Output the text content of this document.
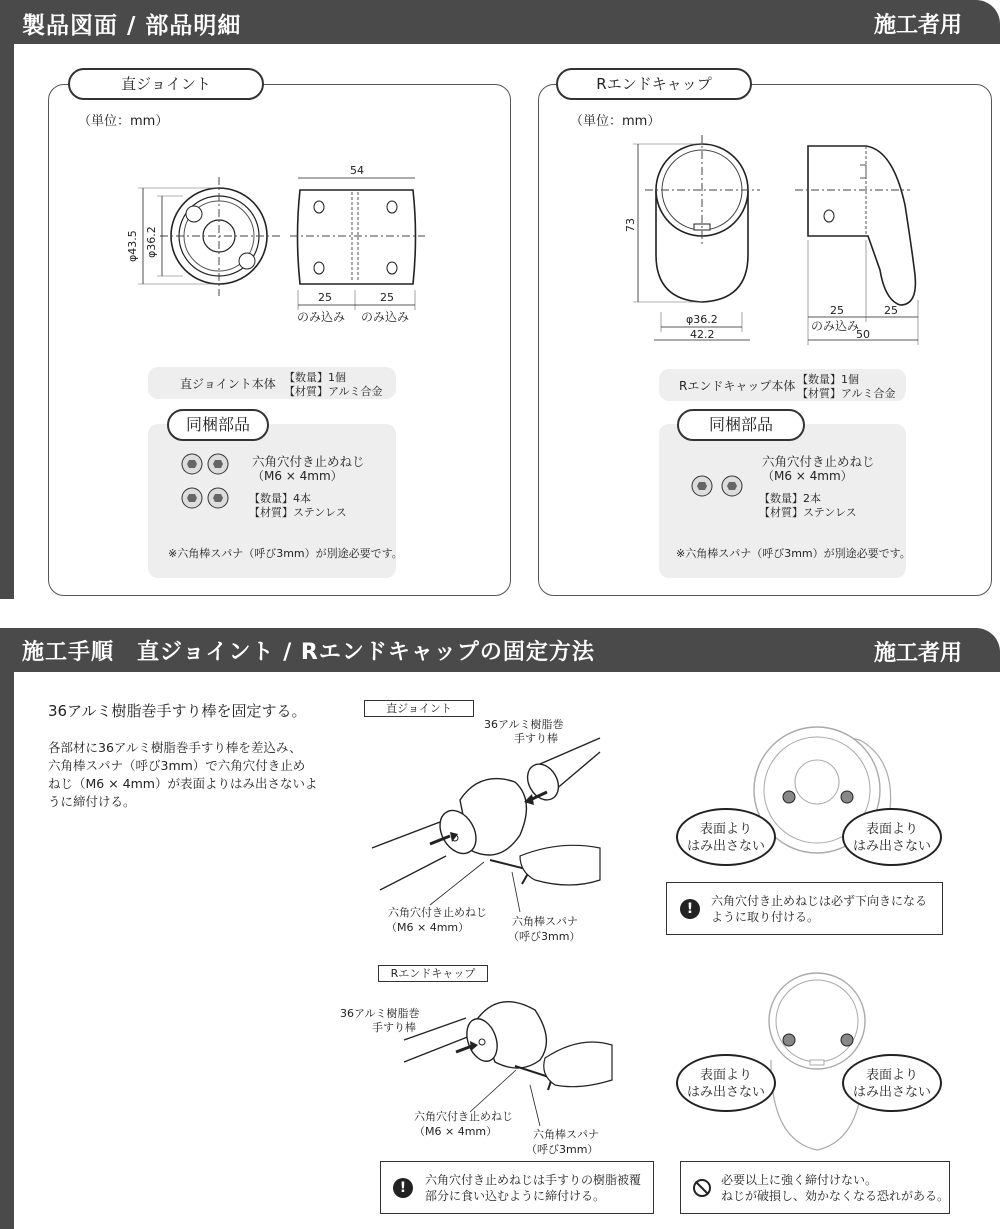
製品図面 / 部品明細	施工者用
直ジョイント
（単位：mm）
φ43.5 φ36.2
54
25	25
のみ込み のみ込み
直ジョイント本体 【数量】1個
【材質】アルミ合金
同梱部品
六角穴付き止めねじ
（M6 × 4mm）
【数量】4本
【材質】ステンレス
※六角棒スパナ（呼び3mm）が別途必要です。
Rエンドキャップ
（単位：mm）
73
φ36.2
42.2
25	25
のみ込み
50
Rエンドキャップ本体 【数量】1個
【材質】アルミ合金
同梱部品
六角穴付き止めねじ
（M6 × 4mm）
【数量】2本
【材質】ステンレス
※六角棒スパナ（呼び3mm）が別途必要です。
施工手順　直ジョイント / Rエンドキャップの固定方法	施工者用
36アルミ樹脂巻手すり棒を固定する。
各部材に36アルミ樹脂巻手すり棒を差込み、
六角棒スパナ（呼び3mm）で六角穴付き止め
ねじ（M6 × 4mm）が表面よりはみ出さないよ
うに締付ける。
直ジョイント
36アルミ樹脂巻
手すり棒
六角穴付き止めねじ
（M6 × 4mm）	六角棒スパナ
（呼び3mm）
Rエンドキャップ
36アルミ樹脂巻
手すり棒
六角穴付き止めねじ
（M6 × 4mm）	六角棒スパナ
（呼び3mm）
表面より
はみ出さない
表面より
はみ出さない
表面より
はみ出さない
表面より
はみ出さない
!	六角穴付き止めねじは必ず下向きになる
ように取り付ける。
!	六角穴付き止めねじは手すりの樹脂被覆
部分に食い込むように締付ける。
必要以上に強く締付けない。
ねじが破損し、効かなくなる恐れがある。
